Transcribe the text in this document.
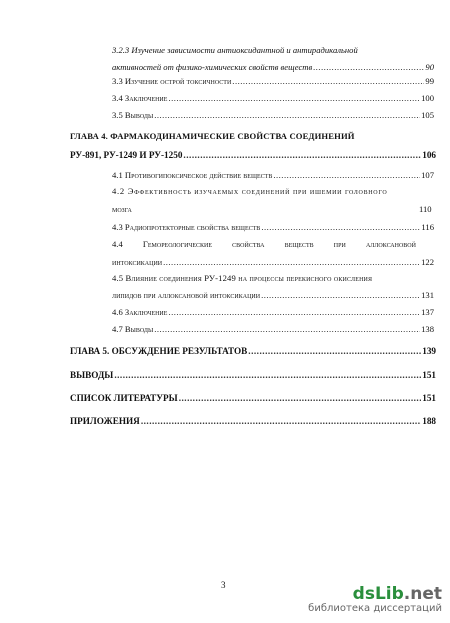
3.2.3 Изучение зависимости антиоксидантной и антирадикальной
активностей от физико-химических свойств веществ .....	90
3.3 Изучение острой токсичности .....	99
3.4 Заключение .....	100
3.5 Выводы .....	105
ГЛАВА 4. ФАРМАКОДИНАМИЧЕСКИЕ СВОЙСТВА СОЕДИНЕНИЙ
РУ-891, РУ-1249 И РУ-1250 .....	106
4.1 Противогипоксическое действие веществ .....	107
4.2 Эффективность изучаемых соединений при ишемии головного
мозга	110
4.3 Радиопротекторные свойства веществ .....	116
4.4 Гемореологические свойства веществ при аллоксановой
интоксикации .....	122
4.5 Влияние соединения РУ-1249 на процессы перекисного окисления
липидов при аллоксановой интоксикации .....	131
4.6 Заключение .....	137
4.7 Выводы .....	138
ГЛАВА 5. ОБСУЖДЕНИЕ РЕЗУЛЬТАТОВ .....	139
ВЫВОДЫ .....	151
СПИСОК ЛИТЕРАТУРЫ .....	151
ПРИЛОЖЕНИЯ .....	188
3	dsLib.net
библиотека диссертаций
